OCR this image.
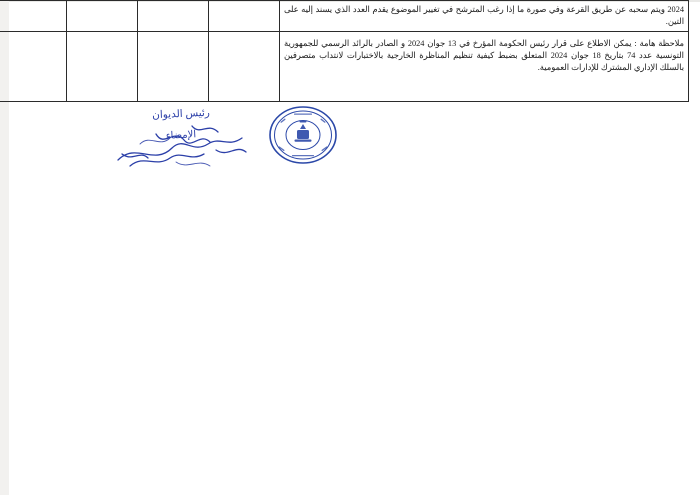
2024 ويتم سحبه عن طريق القرعة وفي صورة ما إذا رغب المترشح في تغيير الموضوع يقدم العدد الذي يسند إليه على التين.				

ملاحظة هامة : يمكن الاطلاع على قرار رئيس الحكومة المؤرخ في 13 جوان 2024 و الصادر بالرائد الرسمي للجمهورية التونسية عدد 74 بتاريخ 18 جوان 2024 المتعلق بضبط كيفية تنظيم المناظرة الخارجية بالاختبارات لانتداب متصرفين بالسلك الإداري المشترك للإدارات العمومية.				

رئيس الديوان
الإمضاء
